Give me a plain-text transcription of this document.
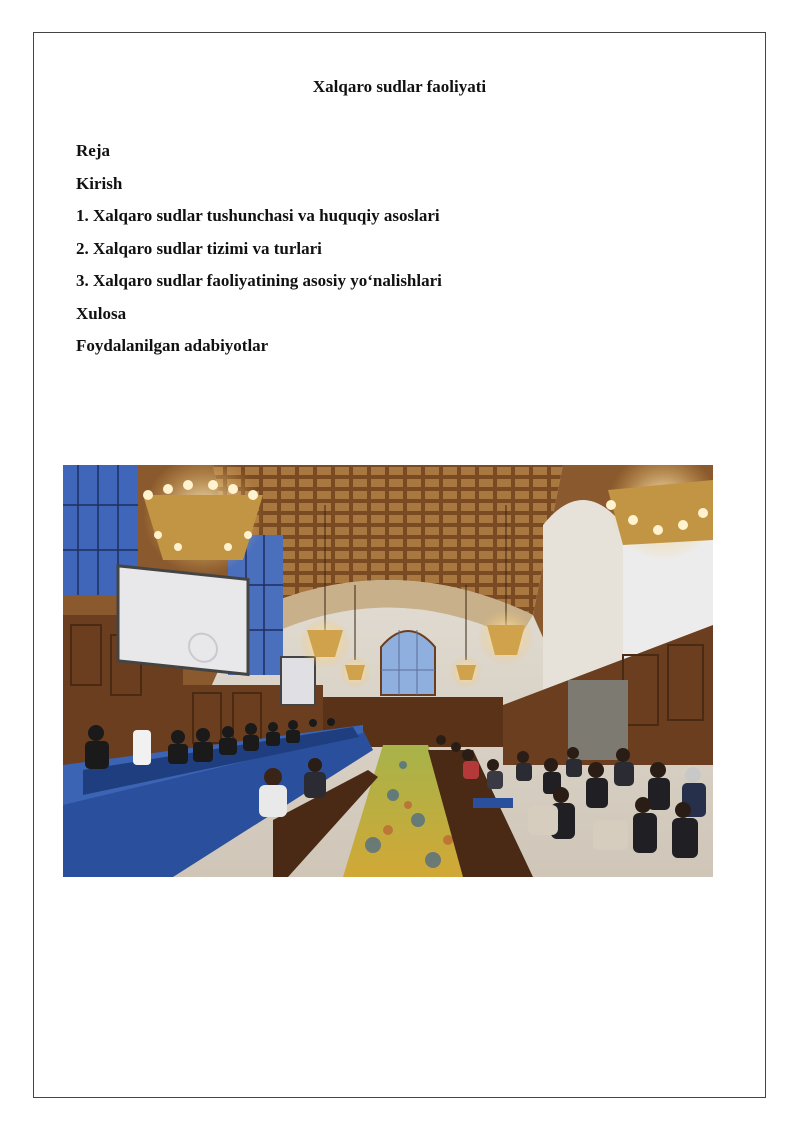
Xalqaro sudlar faoliyati
Reja
Kirish
1. Xalqaro sudlar tushunchasi va huquqiy asoslari
2. Xalqaro sudlar tizimi va turlari
3. Xalqaro sudlar faoliyatining asosiy yo‘nalishlari
Xulosa
Foydalanilgan adabiyotlar
